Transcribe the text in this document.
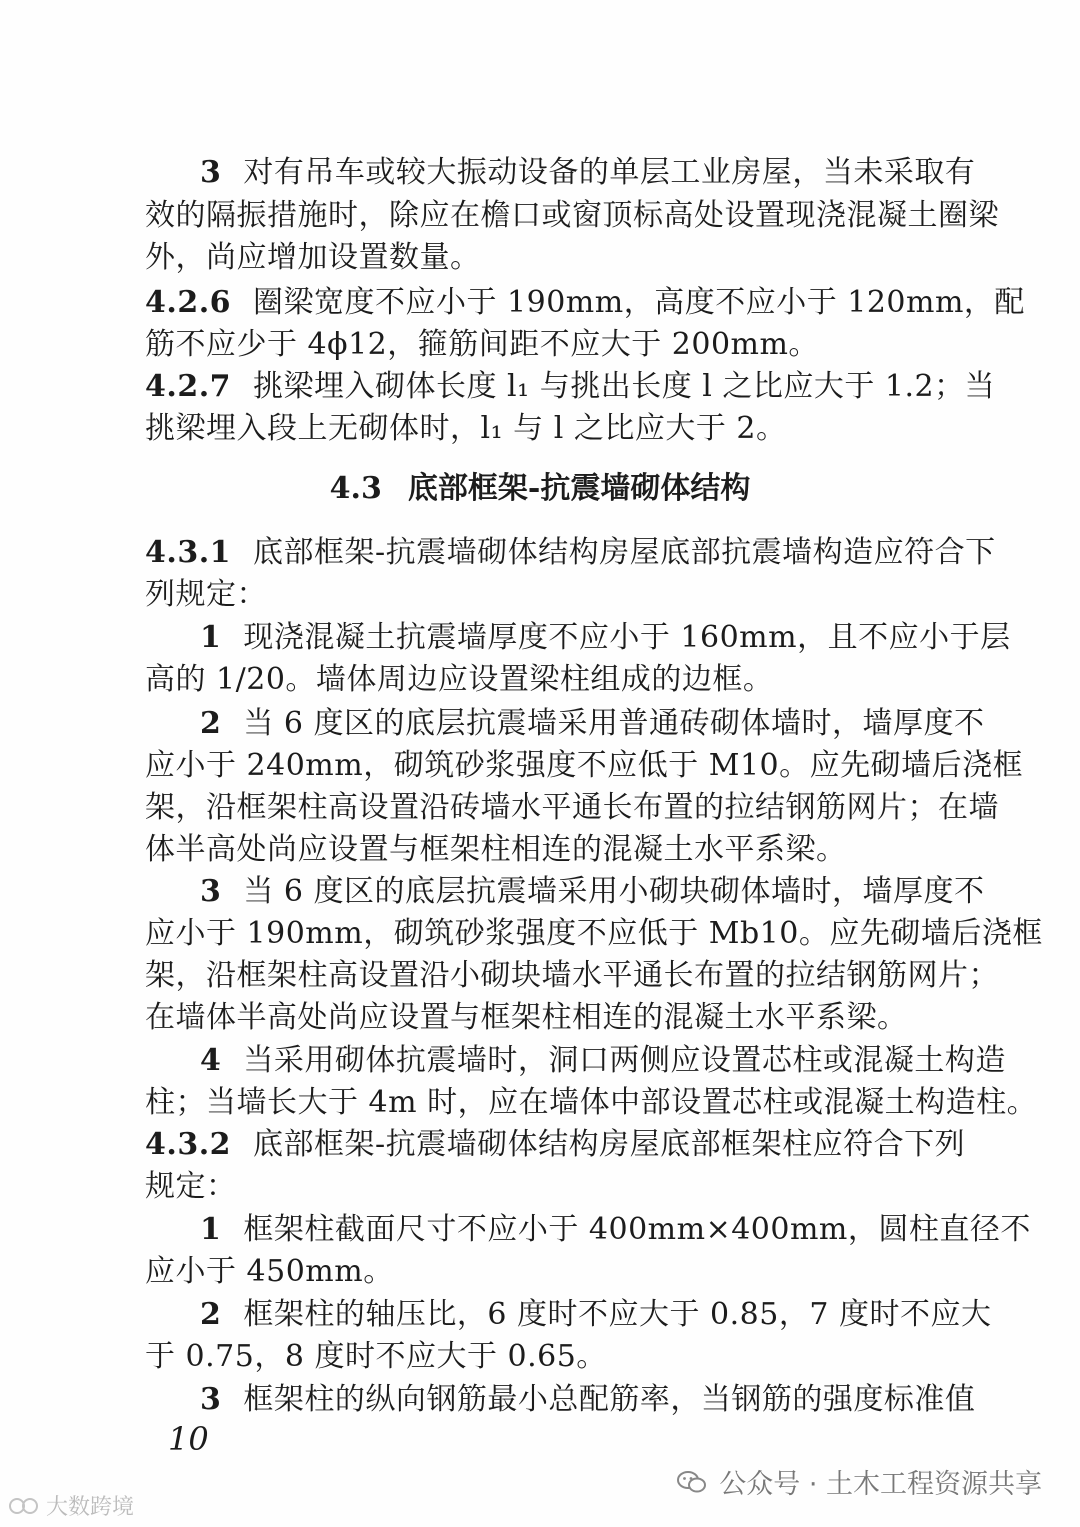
3 对有吊车或较大振动设备的单层工业房屋，当未采取有
效的隔振措施时，除应在檐口或窗顶标高处设置现浇混凝土圈梁
外，尚应增加设置数量。
4.2.6 圈梁宽度不应小于 190mm，高度不应小于 120mm，配
筋不应少于 4ϕ12，箍筋间距不应大于 200mm。
4.2.7 挑梁埋入砌体长度 l₁ 与挑出长度 l 之比应大于 1.2；当
挑梁埋入段上无砌体时，l₁ 与 l 之比应大于 2。
4.3 底部框架-抗震墙砌体结构
4.3.1 底部框架-抗震墙砌体结构房屋底部抗震墙构造应符合下
列规定：
1 现浇混凝土抗震墙厚度不应小于 160mm，且不应小于层
高的 1/20。墙体周边应设置梁柱组成的边框。
2 当 6 度区的底层抗震墙采用普通砖砌体墙时，墙厚度不
应小于 240mm，砌筑砂浆强度不应低于 M10。应先砌墙后浇框
架，沿框架柱高设置沿砖墙水平通长布置的拉结钢筋网片；在墙
体半高处尚应设置与框架柱相连的混凝土水平系梁。
3 当 6 度区的底层抗震墙采用小砌块砌体墙时，墙厚度不
应小于 190mm，砌筑砂浆强度不应低于 Mb10。应先砌墙后浇框
架，沿框架柱高设置沿小砌块墙水平通长布置的拉结钢筋网片；
在墙体半高处尚应设置与框架柱相连的混凝土水平系梁。
4 当采用砌体抗震墙时，洞口两侧应设置芯柱或混凝土构造
柱；当墙长大于 4m 时，应在墙体中部设置芯柱或混凝土构造柱。
4.3.2 底部框架-抗震墙砌体结构房屋底部框架柱应符合下列
规定：
1 框架柱截面尺寸不应小于 400mm×400mm，圆柱直径不
应小于 450mm。
2 框架柱的轴压比，6 度时不应大于 0.85，7 度时不应大
于 0.75，8 度时不应大于 0.65。
3 框架柱的纵向钢筋最小总配筋率，当钢筋的强度标准值
10
公众号 · 土木工程资源共享
大数跨境
